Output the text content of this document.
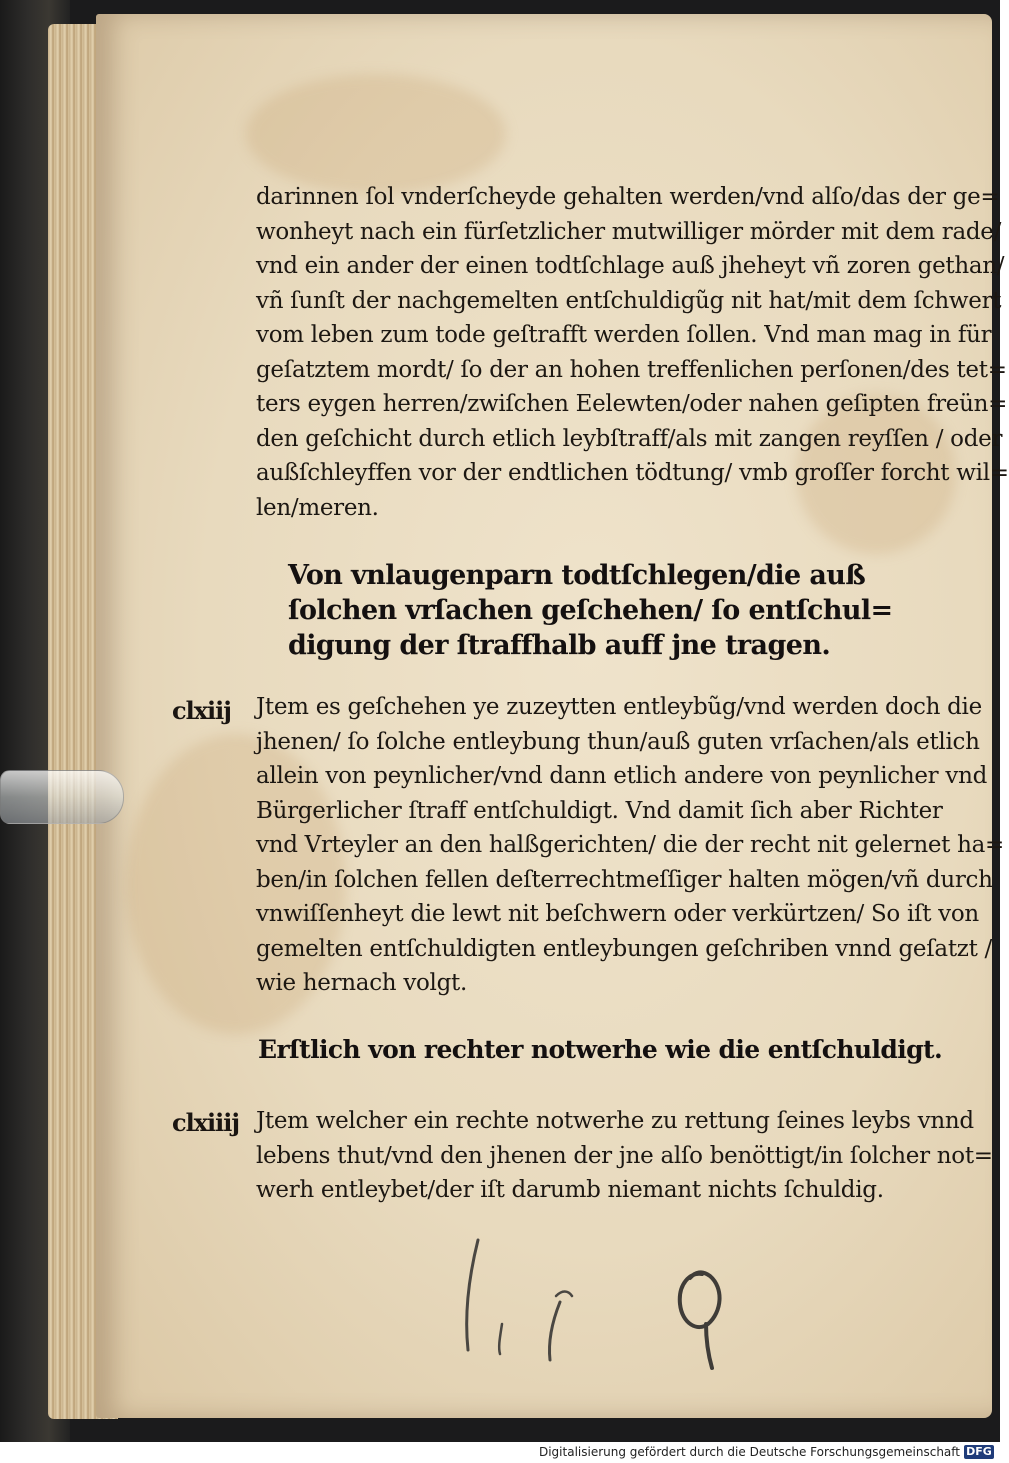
darinnen ſol vnderſcheyde gehalten werden/vnd alſo/das der ge=
wonheyt nach ein fürſetzlicher mutwilliger mörder mit dem rade/
vnd ein ander der einen todtſchlage auß jheheyt vñ zoren gethan/
vñ ſunſt der nachgemelten entſchuldigũg nit hat/mit dem ſchwert
vom leben zum tode geſtrafft werden ſollen. Vnd man mag in für
geſatztem mordt/ ſo der an hohen treffenlichen perſonen/des tet=
ters eygen herren/zwiſchen Eelewten/oder nahen geſipten freün=
den geſchicht durch etlich leybſtraff/als mit zangen reyſſen / oder
außſchleyffen vor der endtlichen tödtung/ vmb groſſer forcht wil=
len/meren.
Von vnlaugenparn todtſchlegen/die auß
ſolchen vrſachen geſchehen/ ſo entſchul=
digung der ſtraffhalb auff jne tragen.
clxiij Jtem es geſchehen ye zuzeytten entleybũg/vnd werden doch die
jhenen/ ſo ſolche entleybung thun/auß guten vrſachen/als etlich
allein von peynlicher/vnd dann etlich andere von peynlicher vnd
Bürgerlicher ſtraff entſchuldigt. Vnd damit ſich aber Richter
vnd Vrteyler an den halßgerichten/ die der recht nit gelernet ha=
ben/in ſolchen fellen deſterrechtmeſſiger halten mögen/vñ durch
vnwiſſenheyt die lewt nit beſchwern oder verkürtzen/ So iſt von
gemelten entſchuldigten entleybungen geſchriben vnnd geſatzt /
wie hernach volgt.
Erſtlich von rechter notwerhe wie die entſchuldigt.
clxiiij Jtem welcher ein rechte notwerhe zu rettung ſeines leybs vnnd
lebens thut/vnd den jhenen der jne alſo benöttigt/in ſolcher not=
werh entleybet/der iſt darumb niemant nichts ſchuldig.
Digitalisierung gefördert durch die Deutsche Forschungsgemeinschaft DFG
